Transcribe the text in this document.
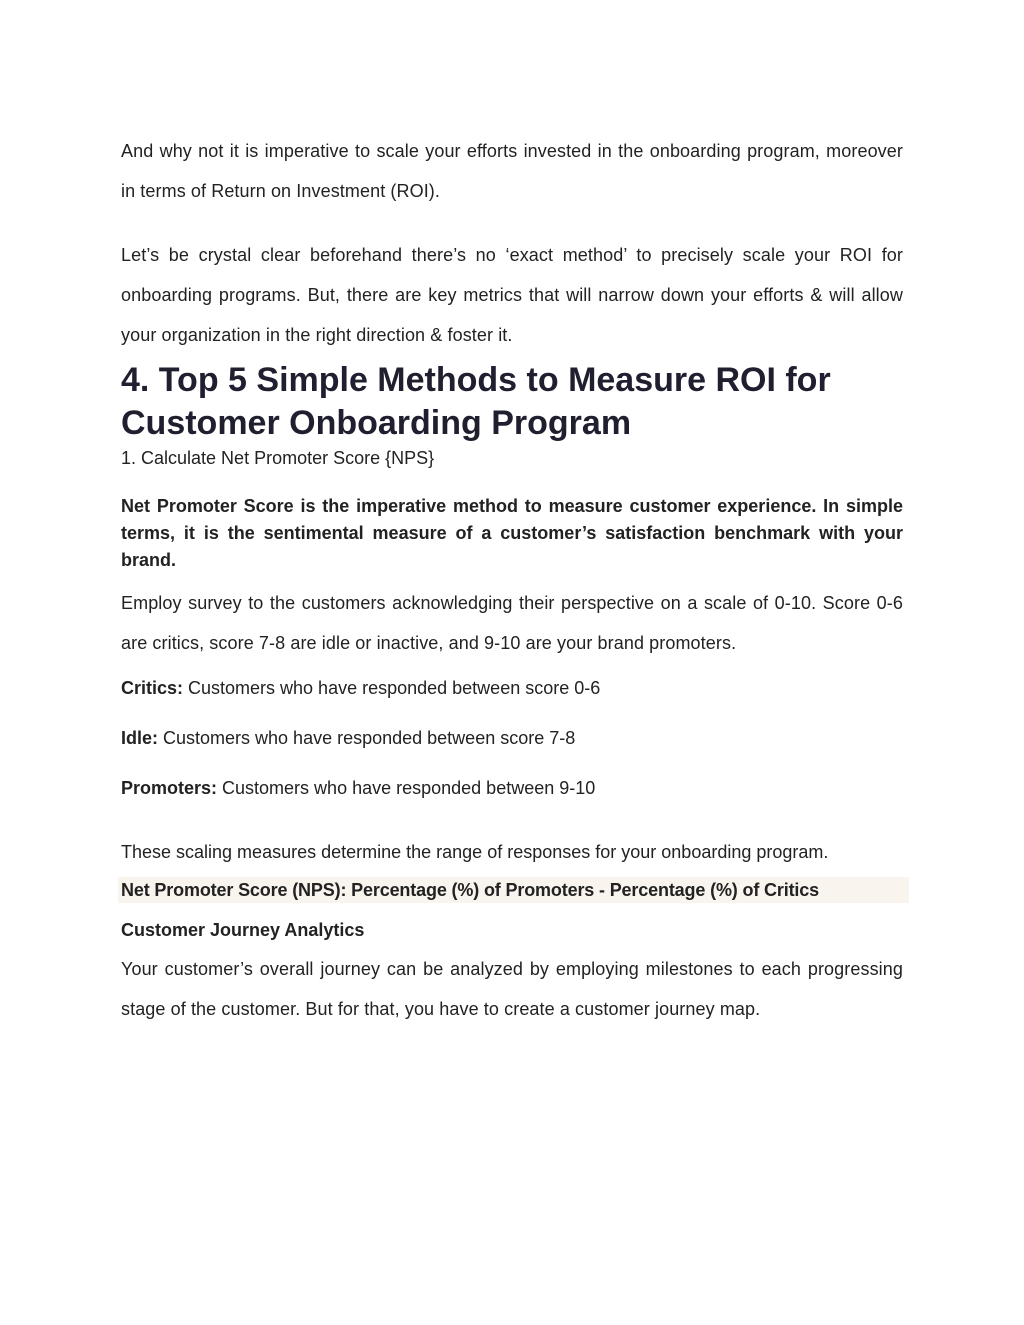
And why not it is imperative to scale your efforts invested in the onboarding program, moreover in terms of Return on Investment (ROI).

Let’s be crystal clear beforehand there’s no ‘exact method’ to precisely scale your ROI for onboarding programs. But, there are key metrics that will narrow down your efforts & will allow your organization in the right direction & foster it.

4. Top 5 Simple Methods to Measure ROI for Customer Onboarding Program

1. Calculate Net Promoter Score {NPS}

Net Promoter Score is the imperative method to measure customer experience. In simple terms, it is the sentimental measure of a customer’s satisfaction benchmark with your brand.

Employ survey to the customers acknowledging their perspective on a scale of 0-10. Score 0-6 are critics, score 7-8 are idle or inactive, and 9-10 are your brand promoters.

Critics: Customers who have responded between score 0-6

Idle: Customers who have responded between score 7-8

Promoters: Customers who have responded between 9-10

These scaling measures determine the range of responses for your onboarding program.

Net Promoter Score (NPS): Percentage (%) of Promoters - Percentage (%) of Critics

Customer Journey Analytics

Your customer’s overall journey can be analyzed by employing milestones to each progressing stage of the customer. But for that, you have to create a customer journey map.
